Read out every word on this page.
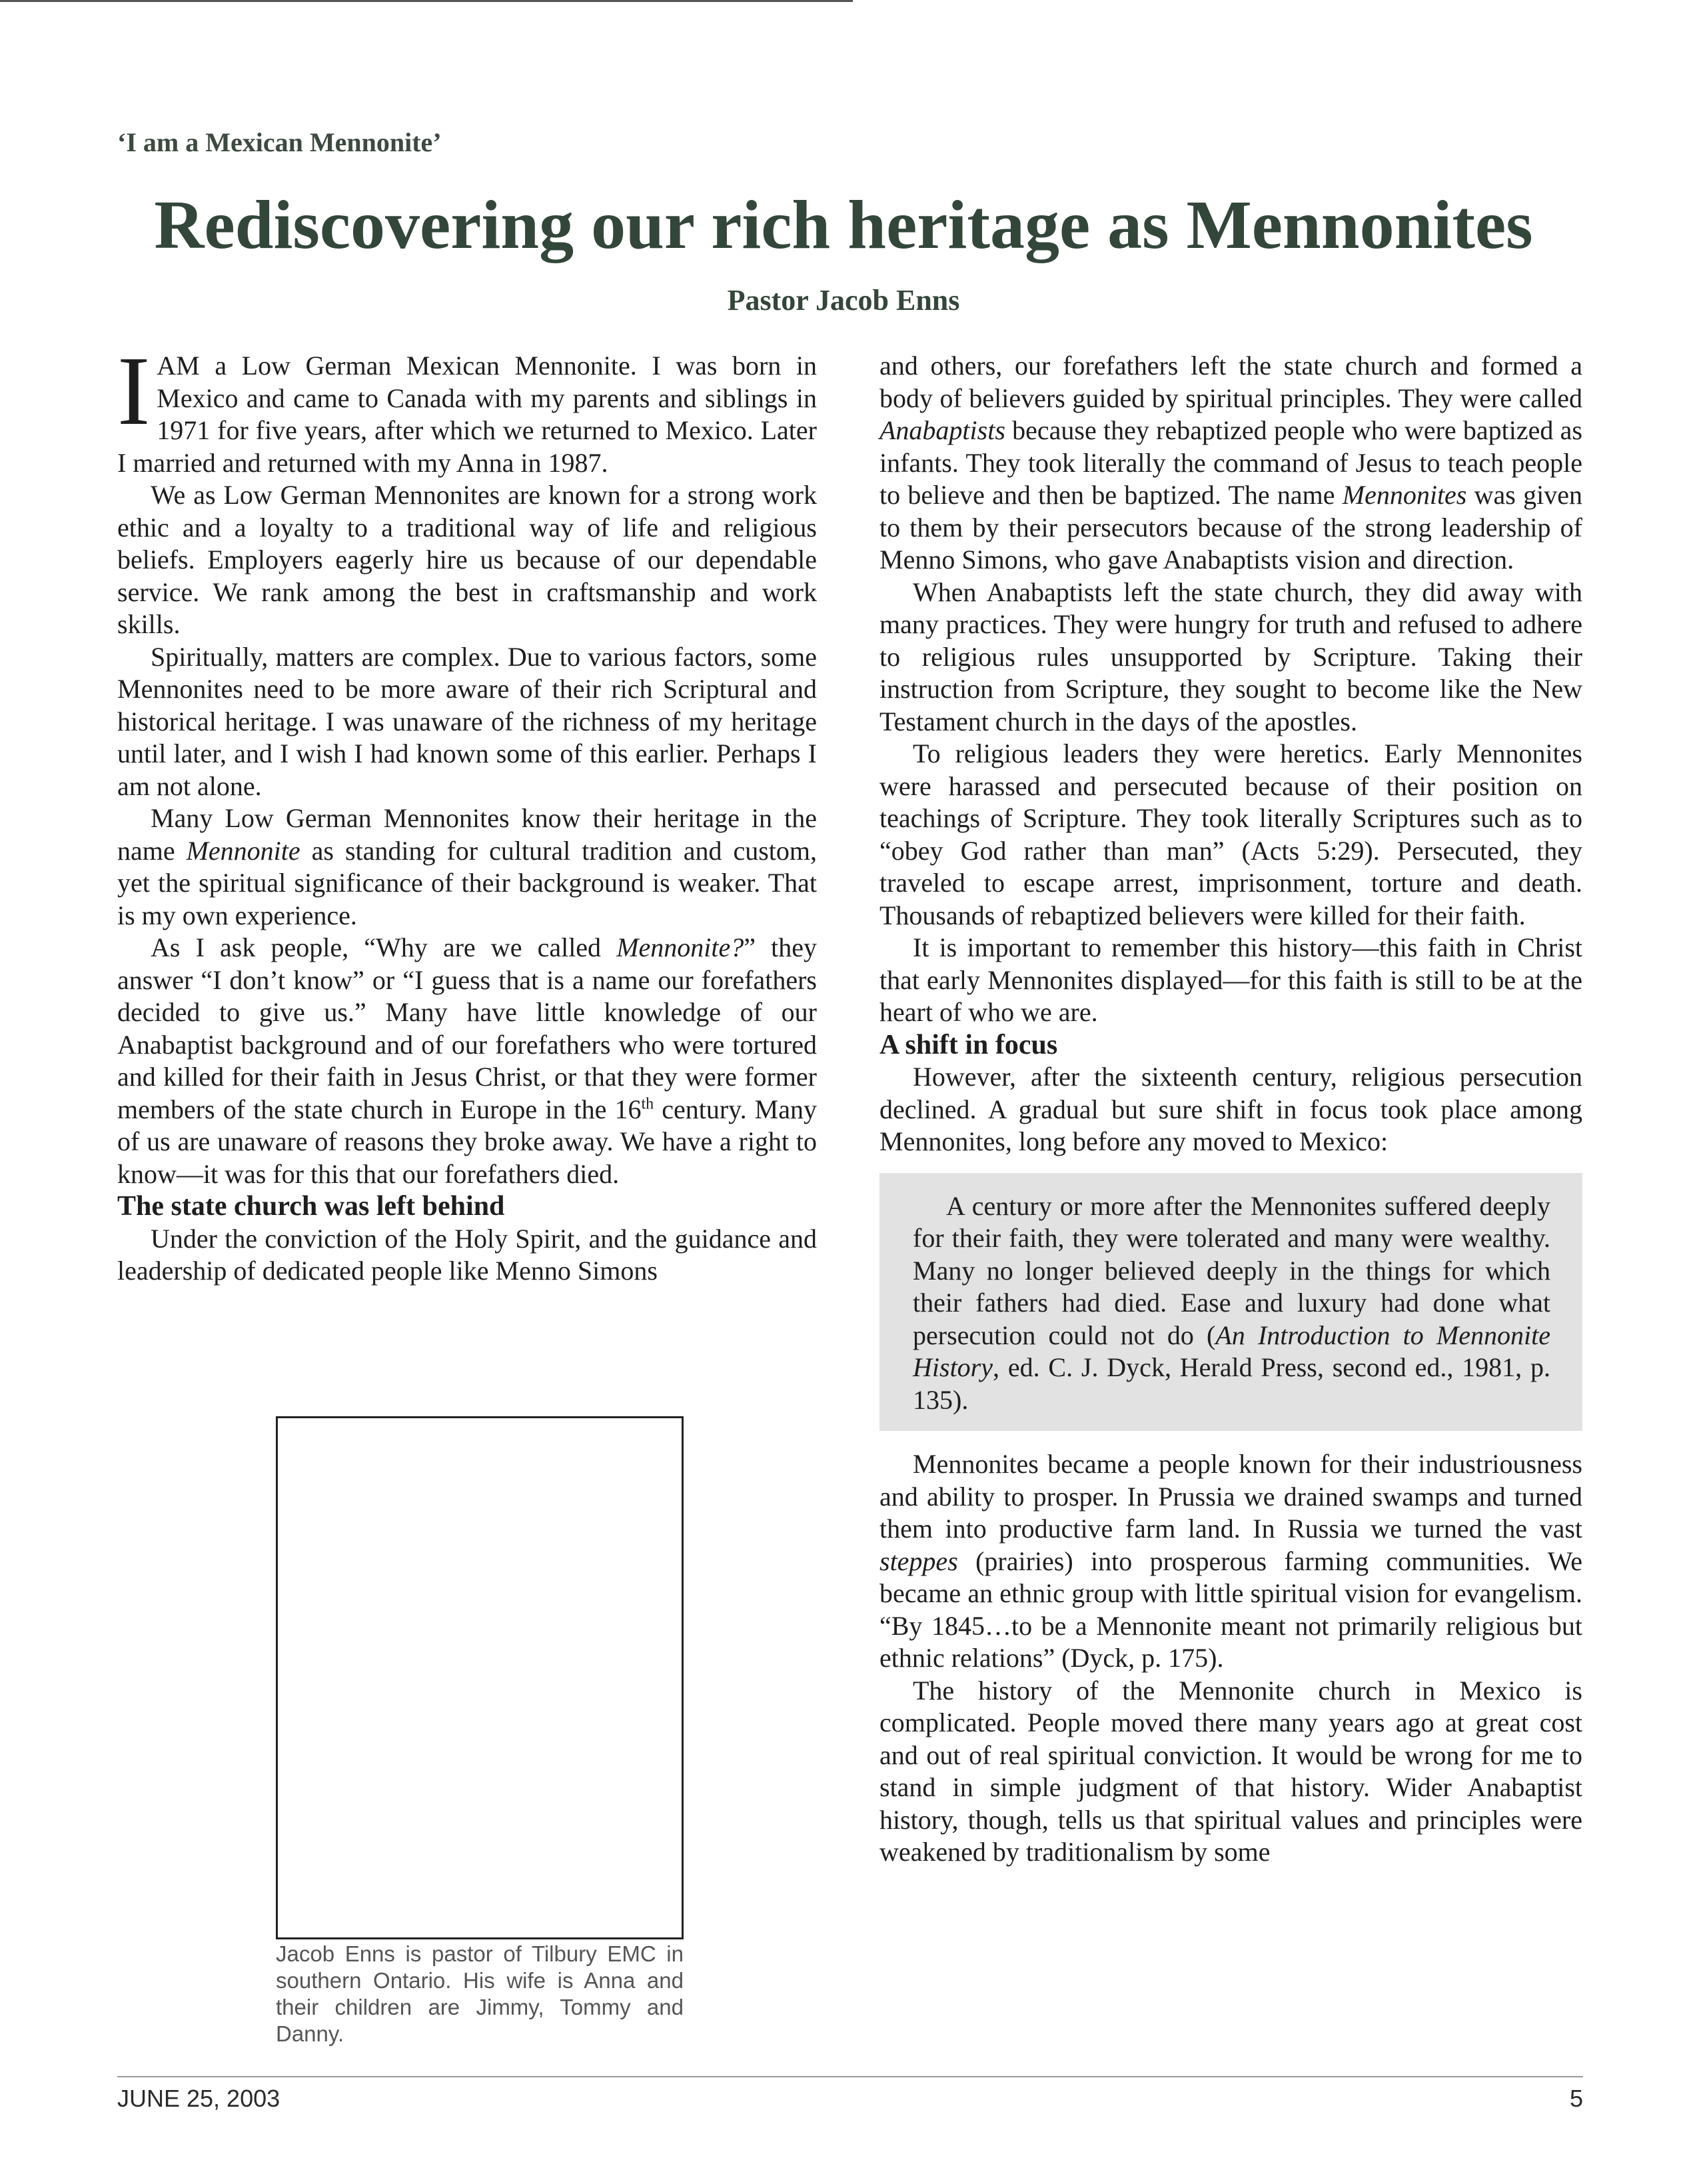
‘I am a Mexican Mennonite’
Rediscovering our rich heritage as Mennonites
Pastor Jacob Enns

IAM a Low German Mexican Mennonite. I was born in Mexico and came to Canada with my parents and siblings in 1971 for five years, after which we returned to Mexico. Later I married and returned with my Anna in 1987.

We as Low German Mennonites are known for a strong work ethic and a loyalty to a traditional way of life and religious beliefs. Employers eagerly hire us because of our dependable service. We rank among the best in craftsmanship and work skills.

Spiritually, matters are complex. Due to various factors, some Mennonites need to be more aware of their rich Scriptural and historical heritage. I was unaware of the richness of my heritage until later, and I wish I had known some of this earlier. Perhaps I am not alone.

Many Low German Mennonites know their heritage in the name Mennonite as standing for cultural tradition and custom, yet the spiritual significance of their background is weaker. That is my own experience.

As I ask people, “Why are we called Mennonite?” they answer “I don’t know” or “I guess that is a name our forefathers decided to give us.” Many have little knowledge of our Anabaptist background and of our forefathers who were tortured and killed for their faith in Jesus Christ, or that they were former members of the state church in Europe in the 16th century. Many of us are unaware of reasons they broke away. We have a right to know—it was for this that our forefathers died.

The state church was left behind

Under the conviction of the Holy Spirit, and the guidance and leadership of dedicated people like Menno Simons

Jacob Enns is pastor of Tilbury EMC in southern Ontario. His wife is Anna and their children are Jimmy, Tommy and Danny.

and others, our forefathers left the state church and formed a body of believers guided by spiritual principles. They were called Anabaptists because they rebaptized people who were baptized as infants. They took literally the command of Jesus to teach people to believe and then be baptized. The name Mennonites was given to them by their persecutors because of the strong leadership of Menno Simons, who gave Anabaptists vision and direction.

When Anabaptists left the state church, they did away with many practices. They were hungry for truth and refused to adhere to religious rules unsupported by Scripture. Taking their instruction from Scripture, they sought to become like the New Testament church in the days of the apostles.

To religious leaders they were heretics. Early Mennonites were harassed and persecuted because of their position on teachings of Scripture. They took literally Scriptures such as to “obey God rather than man” (Acts 5:29). Persecuted, they traveled to escape arrest, imprisonment, torture and death. Thousands of rebaptized believers were killed for their faith.

It is important to remember this history—this faith in Christ that early Mennonites displayed—for this faith is still to be at the heart of who we are.

A shift in focus

However, after the sixteenth century, religious persecution declined. A gradual but sure shift in focus took place among Mennonites, long before any moved to Mexico:

A century or more after the Mennonites suffered deeply for their faith, they were tolerated and many were wealthy. Many no longer believed deeply in the things for which their fathers had died. Ease and luxury had done what persecution could not do (An Introduction to Mennonite History, ed. C. J. Dyck, Herald Press, second ed., 1981, p. 135).

Mennonites became a people known for their industriousness and ability to prosper. In Prussia we drained swamps and turned them into productive farm land. In Russia we turned the vast steppes (prairies) into prosperous farming communities. We became an ethnic group with little spiritual vision for evangelism. “By 1845…to be a Mennonite meant not primarily religious but ethnic relations” (Dyck, p. 175).

The history of the Mennonite church in Mexico is complicated. People moved there many years ago at great cost and out of real spiritual conviction. It would be wrong for me to stand in simple judgment of that history. Wider Anabaptist history, though, tells us that spiritual values and principles were weakened by traditionalism by some

JUNE 25, 2003	5
